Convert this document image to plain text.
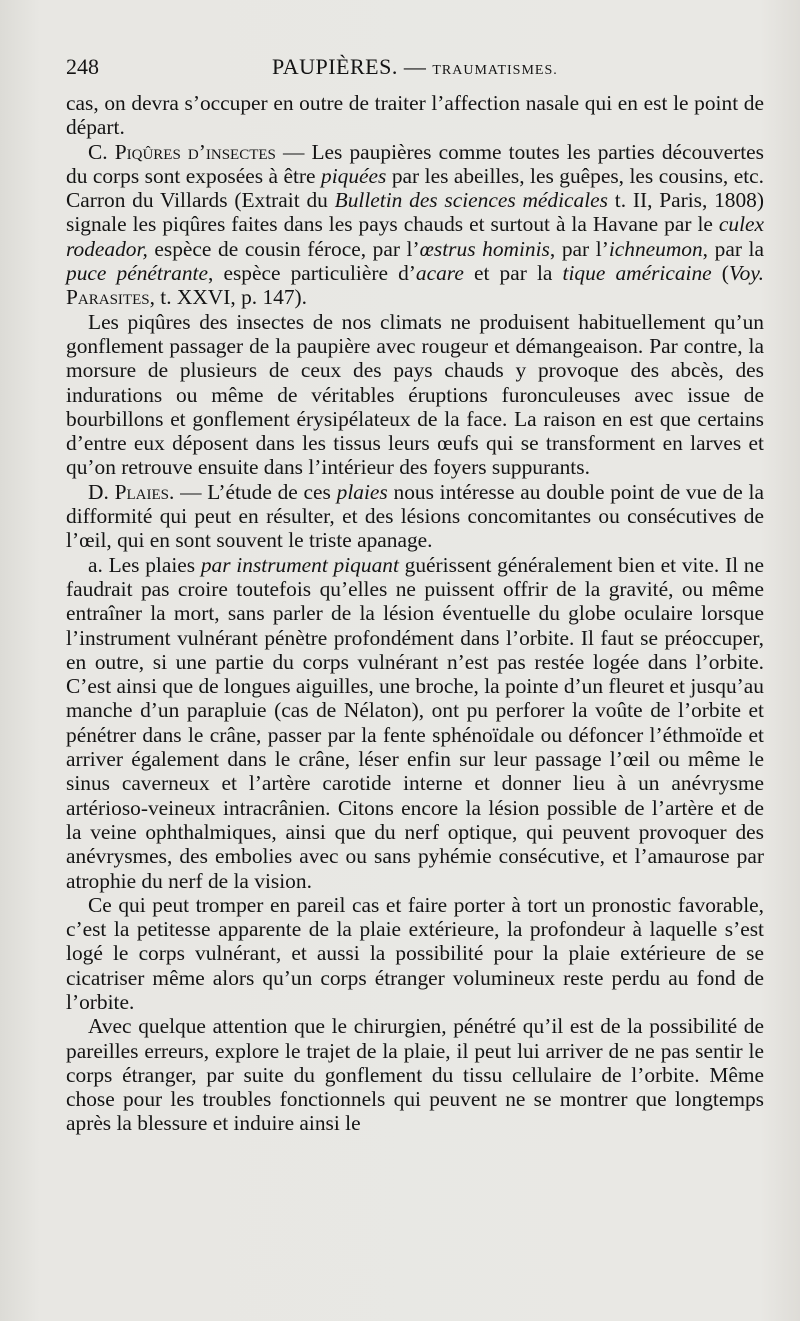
248	PAUPIÈRES. — TRAUMATISMES.

cas, on devra s’occuper en outre de traiter l’affection nasale qui en est le point de départ.

C. Piqûres d’insectes — Les paupières comme toutes les parties découvertes du corps sont exposées à être piquées par les abeilles, les guêpes, les cousins, etc. Carron du Villards (Extrait du Bulletin des sciences médicales t. II, Paris, 1808) signale les piqûres faites dans les pays chauds et surtout à la Havane par le culex rodeador, espèce de cousin féroce, par l’œstrus hominis, par l’ichneumon, par la puce pénétrante, espèce particulière d’acare et par la tique américaine (Voy. Parasites, t. XXVI, p. 147).

Les piqûres des insectes de nos climats ne produisent habituellement qu’un gonflement passager de la paupière avec rougeur et démangeaison. Par contre, la morsure de plusieurs de ceux des pays chauds y provoque des abcès, des indurations ou même de véritables éruptions furonculeuses avec issue de bourbillons et gonflement érysipélateux de la face. La raison en est que certains d’entre eux déposent dans les tissus leurs œufs qui se transforment en larves et qu’on retrouve ensuite dans l’intérieur des foyers suppurants.

D. Plaies. — L’étude de ces plaies nous intéresse au double point de vue de la difformité qui peut en résulter, et des lésions concomitantes ou consécutives de l’œil, qui en sont souvent le triste apanage.

a. Les plaies par instrument piquant guérissent généralement bien et vite. Il ne faudrait pas croire toutefois qu’elles ne puissent offrir de la gravité, ou même entraîner la mort, sans parler de la lésion éventuelle du globe oculaire lorsque l’instrument vulnérant pénètre profondément dans l’orbite. Il faut se préoccuper, en outre, si une partie du corps vulnérant n’est pas restée logée dans l’orbite. C’est ainsi que de longues aiguilles, une broche, la pointe d’un fleuret et jusqu’au manche d’un parapluie (cas de Nélaton), ont pu perforer la voûte de l’orbite et pénétrer dans le crâne, passer par la fente sphénoïdale ou défoncer l’éthmoïde et arriver également dans le crâne, léser enfin sur leur passage l’œil ou même le sinus caverneux et l’artère carotide interne et donner lieu à un anévrysme artérioso-veineux intracrânien. Citons encore la lésion possible de l’artère et de la veine ophthalmiques, ainsi que du nerf optique, qui peuvent provoquer des anévrysmes, des embolies avec ou sans pyhémie consécutive, et l’amaurose par atrophie du nerf de la vision.

Ce qui peut tromper en pareil cas et faire porter à tort un pronostic favorable, c’est la petitesse apparente de la plaie extérieure, la profondeur à laquelle s’est logé le corps vulnérant, et aussi la possibilité pour la plaie extérieure de se cicatriser même alors qu’un corps étranger volumineux reste perdu au fond de l’orbite.

Avec quelque attention que le chirurgien, pénétré qu’il est de la possibilité de pareilles erreurs, explore le trajet de la plaie, il peut lui arriver de ne pas sentir le corps étranger, par suite du gonflement du tissu cellulaire de l’orbite. Même chose pour les troubles fonctionnels qui peuvent ne se montrer que longtemps après la blessure et induire ainsi le
